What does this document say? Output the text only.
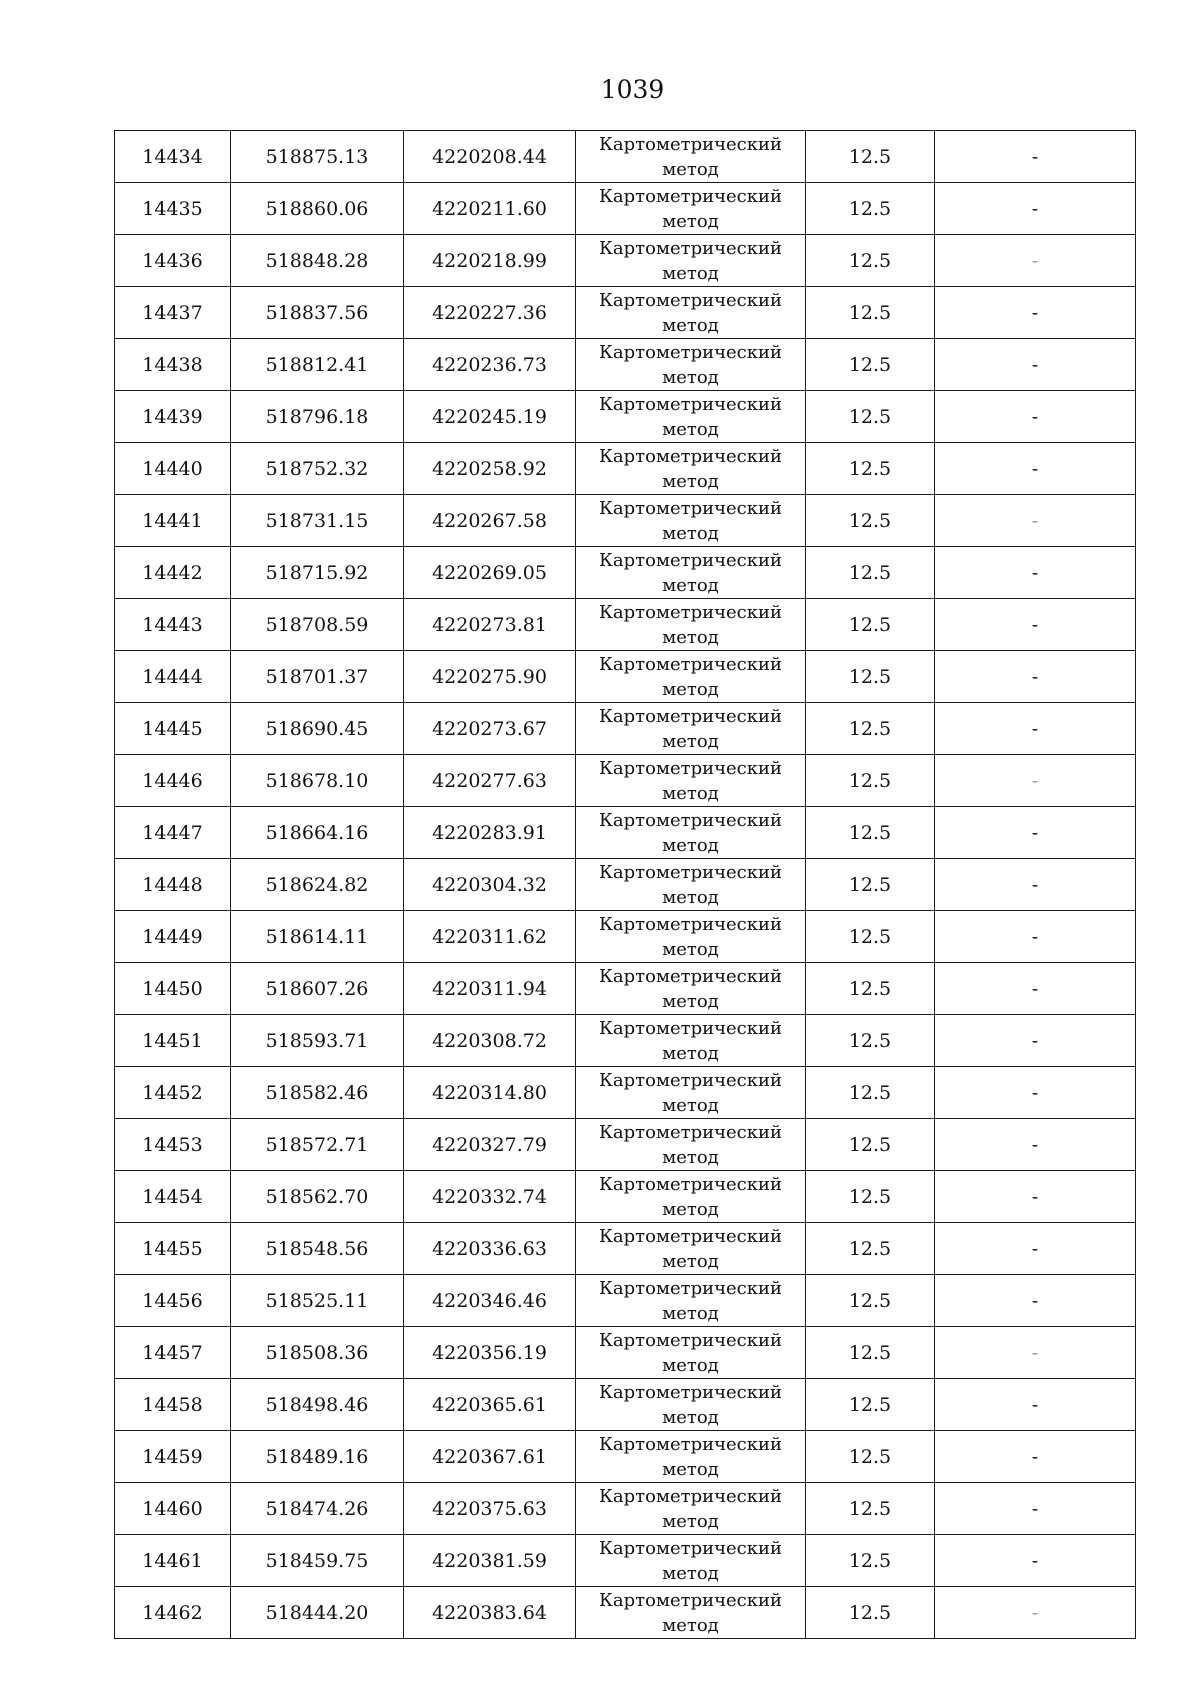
1039
14434	518875.13	4220208.44	Картометрический метод	12.5	-
14435	518860.06	4220211.60	Картометрический метод	12.5	-
14436	518848.28	4220218.99	Картометрический метод	12.5	-
14437	518837.56	4220227.36	Картометрический метод	12.5	-
14438	518812.41	4220236.73	Картометрический метод	12.5	-
14439	518796.18	4220245.19	Картометрический метод	12.5	-
14440	518752.32	4220258.92	Картометрический метод	12.5	-
14441	518731.15	4220267.58	Картометрический метод	12.5	-
14442	518715.92	4220269.05	Картометрический метод	12.5	-
14443	518708.59	4220273.81	Картометрический метод	12.5	-
14444	518701.37	4220275.90	Картометрический метод	12.5	-
14445	518690.45	4220273.67	Картометрический метод	12.5	-
14446	518678.10	4220277.63	Картометрический метод	12.5	-
14447	518664.16	4220283.91	Картометрический метод	12.5	-
14448	518624.82	4220304.32	Картометрический метод	12.5	-
14449	518614.11	4220311.62	Картометрический метод	12.5	-
14450	518607.26	4220311.94	Картометрический метод	12.5	-
14451	518593.71	4220308.72	Картометрический метод	12.5	-
14452	518582.46	4220314.80	Картометрический метод	12.5	-
14453	518572.71	4220327.79	Картометрический метод	12.5	-
14454	518562.70	4220332.74	Картометрический метод	12.5	-
14455	518548.56	4220336.63	Картометрический метод	12.5	-
14456	518525.11	4220346.46	Картометрический метод	12.5	-
14457	518508.36	4220356.19	Картометрический метод	12.5	-
14458	518498.46	4220365.61	Картометрический метод	12.5	-
14459	518489.16	4220367.61	Картометрический метод	12.5	-
14460	518474.26	4220375.63	Картометрический метод	12.5	-
14461	518459.75	4220381.59	Картометрический метод	12.5	-
14462	518444.20	4220383.64	Картометрический метод	12.5	-
